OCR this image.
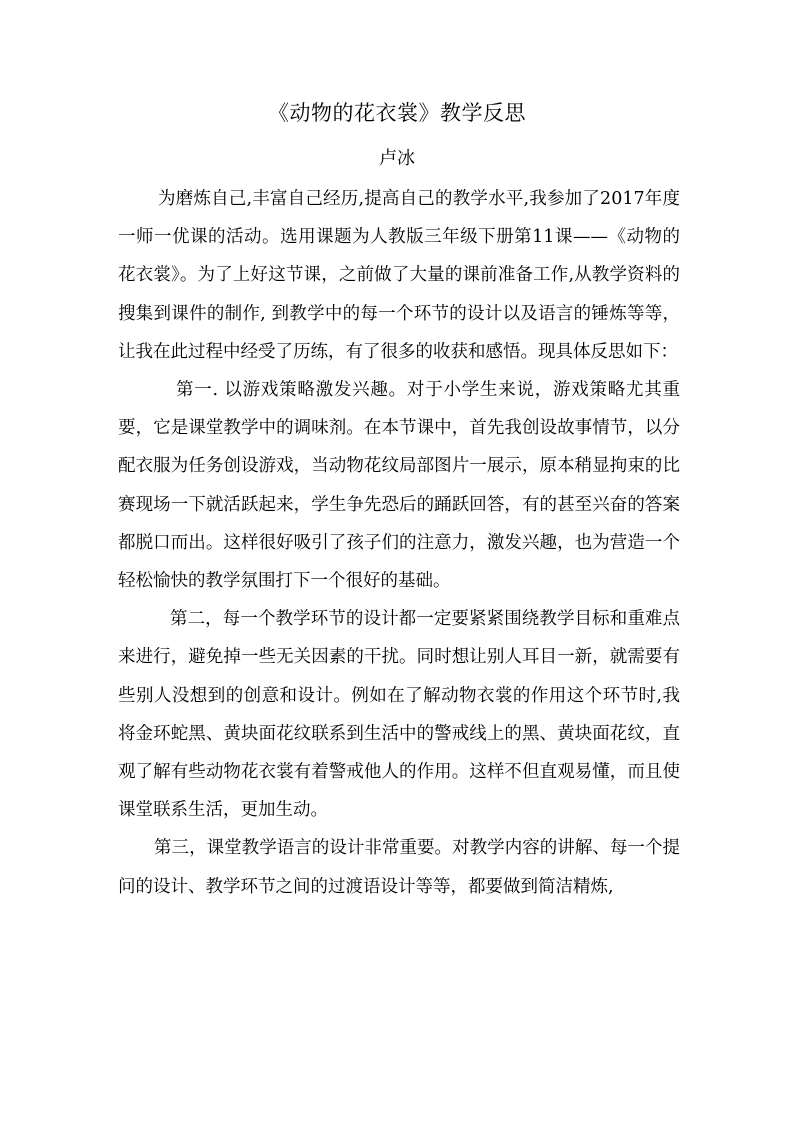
《动物的花衣裳》教学反思
卢冰

为磨炼自己,丰富自己经历,提高自己的教学水平,我参加了2017年度一师一优课的活动。选用课题为人教版三年级下册第11课——《动物的花衣裳》。为了上好这节课，之前做了大量的课前准备工作,从教学资料的搜集到课件的制作, 到教学中的每一个环节的设计以及语言的锤炼等等，让我在此过程中经受了历练，有了很多的收获和感悟。现具体反思如下：

第一. 以游戏策略激发兴趣。对于小学生来说，游戏策略尤其重要，它是课堂教学中的调味剂。在本节课中，首先我创设故事情节，以分配衣服为任务创设游戏，当动物花纹局部图片一展示，原本稍显拘束的比赛现场一下就活跃起来，学生争先恐后的踊跃回答，有的甚至兴奋的答案都脱口而出。这样很好吸引了孩子们的注意力，激发兴趣，也为营造一个轻松愉快的教学氛围打下一个很好的基础。

第二，每一个教学环节的设计都一定要紧紧围绕教学目标和重难点来进行，避免掉一些无关因素的干扰。同时想让别人耳目一新，就需要有些别人没想到的创意和设计。例如在了解动物衣裳的作用这个环节时,我将金环蛇黑、黄块面花纹联系到生活中的警戒线上的黑、黄块面花纹，直观了解有些动物花衣裳有着警戒他人的作用。这样不但直观易懂，而且使课堂联系生活，更加生动。

第三，课堂教学语言的设计非常重要。对教学内容的讲解、每一个提问的设计、教学环节之间的过渡语设计等等，都要做到简洁精炼,
